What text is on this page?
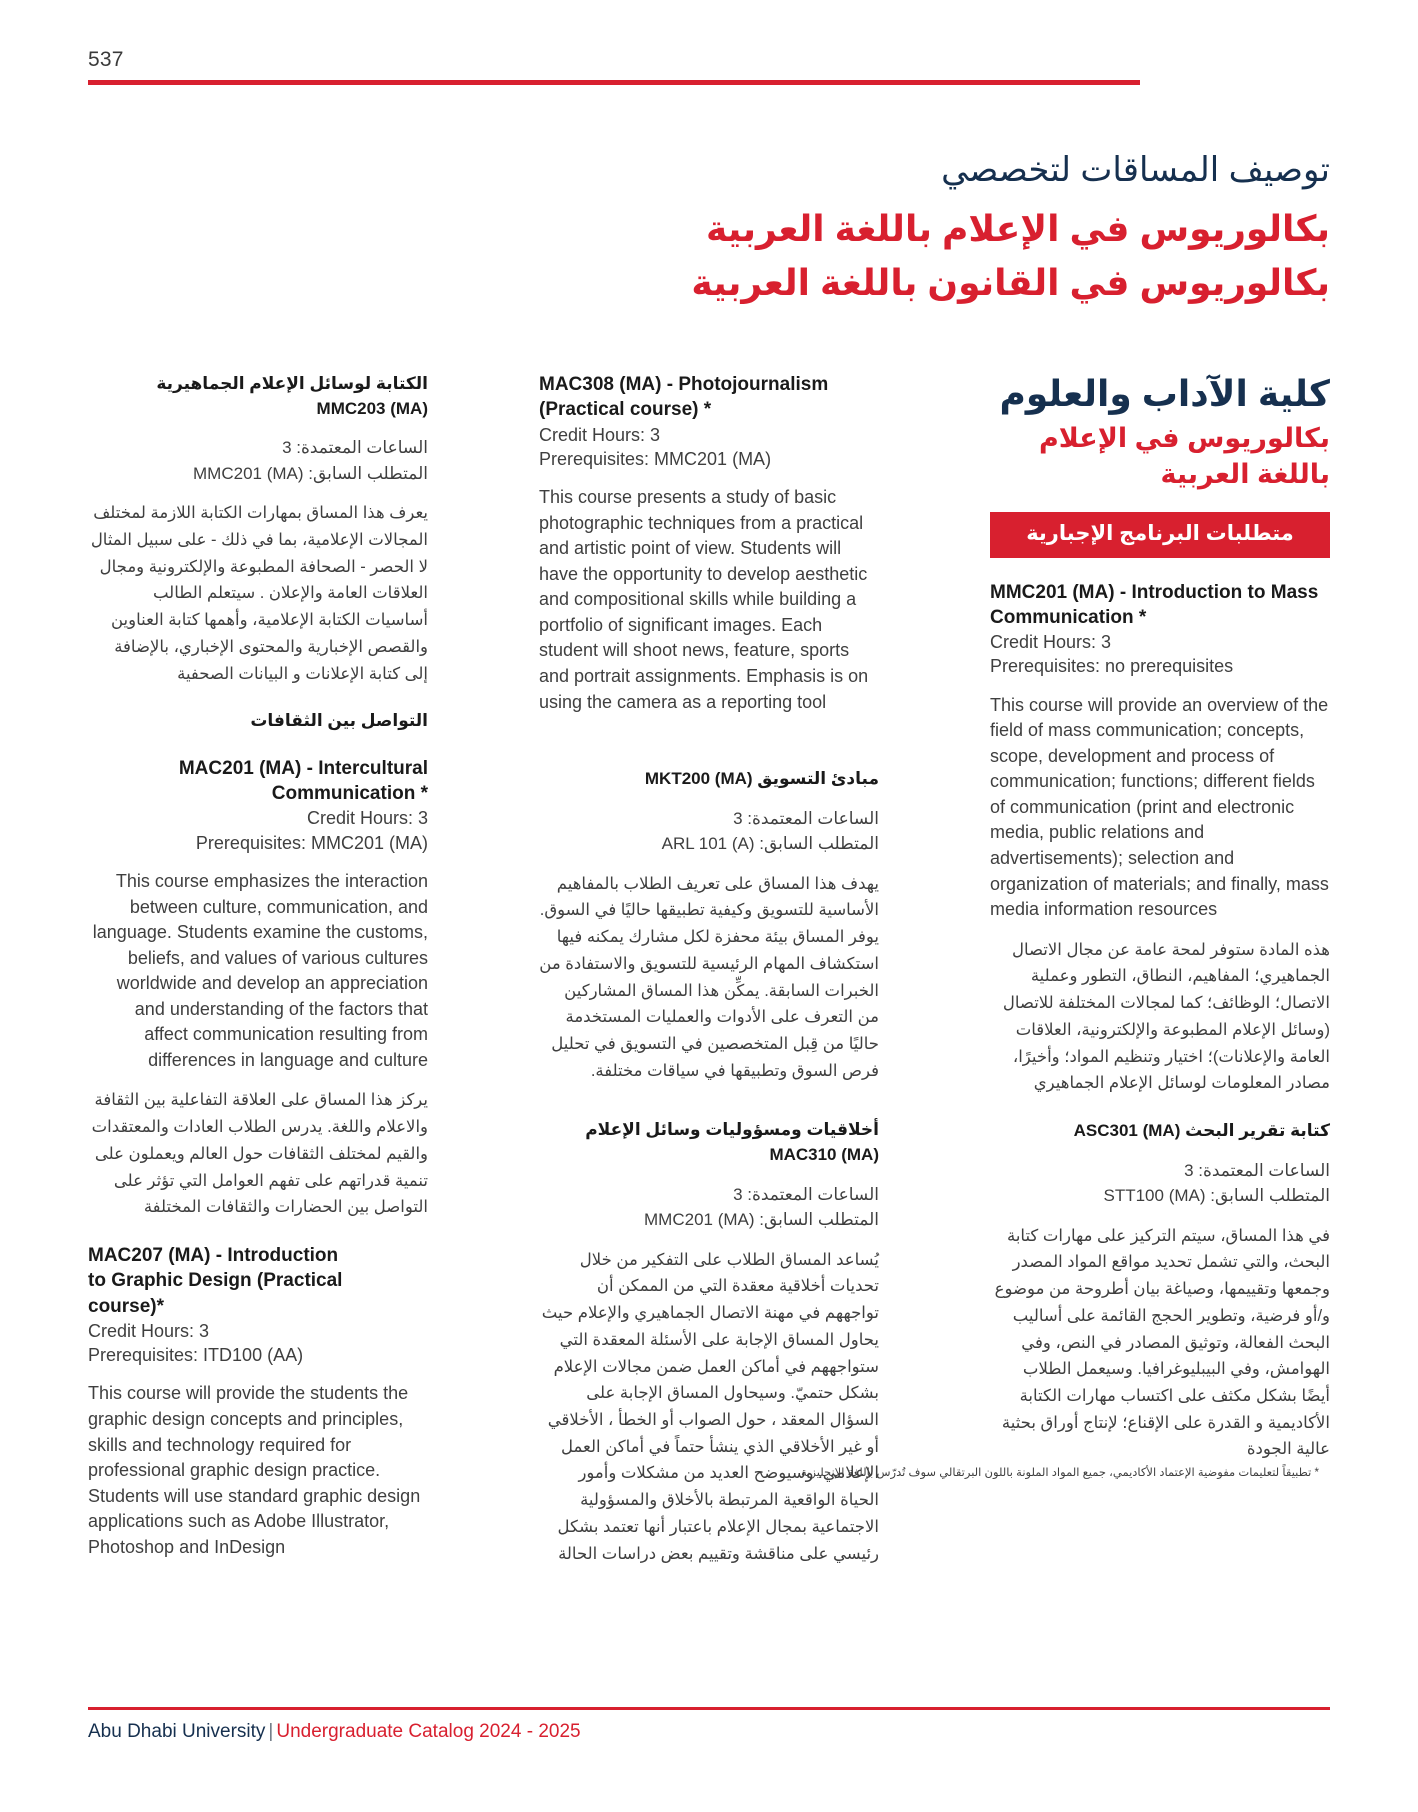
537
توصيف المساقات لتخصصي
بكالوريوس في الإعلام باللغة العربية
بكالوريوس في القانون باللغة العربية
الكتابة لوسائل الإعلام الجماهيرية
MMC203 (MA)
الساعات المعتمدة: 3
المتطلب السابق: (MA) MMC201
يعرف هذا المساق بمهارات الكتابة اللازمة لمختلف المجالات الإعلامية، بما في ذلك - على سبيل المثال لا الحصر - الصحافة المطبوعة والإلكترونية ومجال العلاقات العامة والإعلان . سيتعلم الطالب أساسيات الكتابة الإعلامية، وأهمها كتابة العناوين والقصص الإخبارية والمحتوى الإخباري، بالإضافة إلى كتابة الإعلانات و البيانات الصحفية
التواصل بين الثقافات
MAC201 (MA) - Intercultural
* Communication
Credit Hours: 3
(Prerequisites: MMC201 (MA
This course emphasizes the interaction between culture, communication, and language. Students examine the customs, beliefs, and values of various cultures worldwide and develop an appreciation and understanding of the factors that affect communication resulting from differences in language and culture
يركز هذا المساق على العلاقة التفاعلية بين الثقافة والاعلام واللغة. يدرس الطلاب العادات والمعتقدات والقيم لمختلف الثقافات حول العالم ويعملون على تنمية قدراتهم على تفهم العوامل التي تؤثر على التواصل بين الحضارات والثقافات المختلفة
MAC207 (MA) - Introduction
to Graphic Design (Practical
course)*
Credit Hours: 3
Prerequisites: ITD100 (AA)
This course will provide the students the graphic design concepts and principles, skills and technology required for professional graphic design practice. Students will use standard graphic design applications such as Adobe Illustrator, Photoshop and InDesign
MAC308 (MA) - Photojournalism
(Practical course) *
Credit Hours: 3
Prerequisites: MMC201 (MA)
This course presents a study of basic photographic techniques from a practical and artistic point of view. Students will have the opportunity to develop aesthetic and compositional skills while building a portfolio of significant images. Each student will shoot news, feature, sports and portrait assignments. Emphasis is on using the camera as a reporting tool
مبادئ التسويق (MA) MKT200
الساعات المعتمدة: 3
المتطلب السابق: (A) ARL 101
يهدف هذا المساق على تعريف الطلاب بالمفاهيم الأساسية للتسويق وكيفية تطبيقها حاليًا في السوق. يوفر المساق بيئة محفزة لكل مشارك يمكنه فيها استكشاف المهام الرئيسية للتسويق والاستفادة من الخبرات السابقة. يمكِّن هذا المساق المشاركين من التعرف على الأدوات والعمليات المستخدمة حاليًا من قِبل المتخصصين في التسويق في تحليل فرص السوق وتطبيقها في سياقات مختلفة.
أخلاقيات ومسؤوليات وسائل الإعلام
MAC310 (MA)
الساعات المعتمدة: 3
المتطلب السابق: (MA) MMC201
يُساعد المساق الطلاب على التفكير من خلال تحديات أخلاقية معقدة التي من الممكن أن تواجههم في مهنة الاتصال الجماهيري والإعلام حيث يحاول المساق الإجابة على الأسئلة المعقدة التي ستواجههم في أماكن العمل ضمن مجالات الإعلام بشكل حتميّ. وسيحاول المساق الإجابة على السؤال المعقد ، حول الصواب أو الخطأ ، الأخلاقي أو غير الأخلاقي الذي ينشأ حتماً في أماكن العمل الإعلامي. وسيوضح العديد من مشكلات وأمور الحياة الواقعية المرتبطة بالأخلاق والمسؤولية الاجتماعية بمجال الإعلام باعتبار أنها تعتمد بشكل رئيسي على مناقشة وتقييم بعض دراسات الحالة
كلية الآداب والعلوم
بكالوريوس في الإعلام
باللغة العربية
متطلبات البرنامج الإجبارية
MMC201 (MA) - Introduction to Mass Communication *
Credit Hours: 3
Prerequisites: no prerequisites
This course will provide an overview of the field of mass communication; concepts, scope, development and process of communication; functions; different fields of communication (print and electronic media, public relations and advertisements); selection and organization of materials; and finally, mass media information resources
هذه المادة ستوفر لمحة عامة عن مجال الاتصال الجماهيري؛ المفاهيم، النطاق، التطور وعملية الاتصال؛ الوظائف؛ كما لمجالات المختلفة للاتصال (وسائل الإعلام المطبوعة والإلكترونية، العلاقات العامة والإعلانات)؛ اختيار وتنظيم المواد؛ وأخيرًا، مصادر المعلومات لوسائل الإعلام الجماهيري
كتابة تقرير البحث (MA) ASC301
الساعات المعتمدة: 3
المتطلب السابق: (MA) STT100
في هذا المساق، سيتم التركيز على مهارات كتابة البحث، والتي تشمل تحديد مواقع المواد المصدر وجمعها وتقييمها، وصياغة بيان أطروحة من موضوع و/أو فرضية، وتطوير الحجج القائمة على أساليب البحث الفعالة، وتوثيق المصادر في النص، وفي الهوامش، وفي البيبليوغرافيا. وسيعمل الطلاب أيضًا بشكل مكثف على اكتساب مهارات الكتابة الأكاديمية و القدرة على الإقناع؛ لإنتاج أوراق بحثية عالية الجودة
* تطبيقاً لتعليمات مفوضية الإعتماد الأكاديمي، جميع المواد الملونة باللون البرتقالي سوف تُدرّس باللغة الإنجليزية
Abu Dhabi University | Undergraduate Catalog 2024 - 2025
